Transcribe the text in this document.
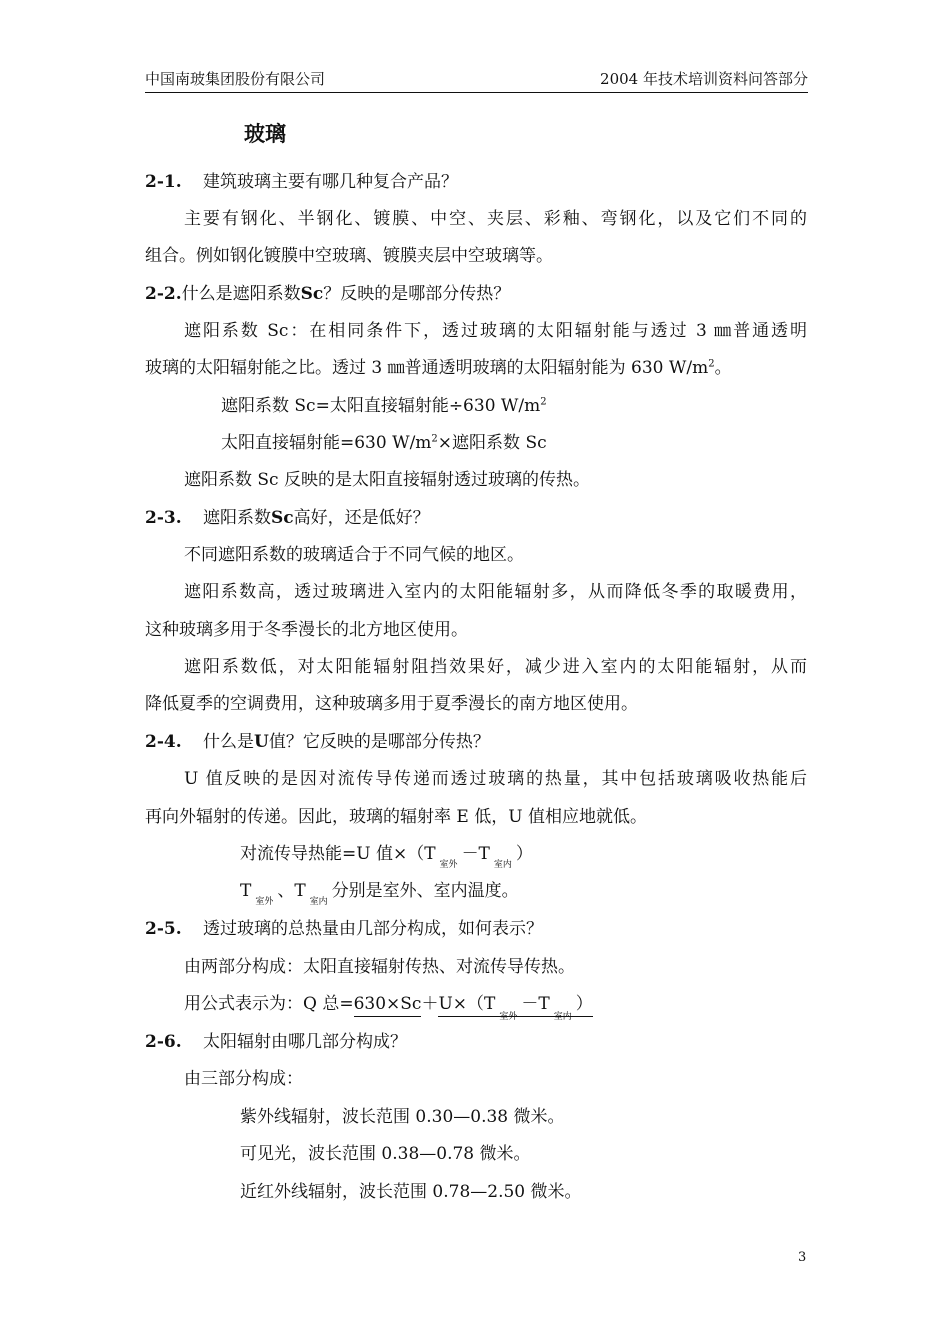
中国南玻集团股份有限公司	2004 年技术培训资料问答部分
玻璃
2-1. 建筑玻璃主要有哪几种复合产品？
主要有钢化、半钢化、镀膜、中空、夹层、彩釉、弯钢化，以及它们不同的
组合。例如钢化镀膜中空玻璃、镀膜夹层中空玻璃等。
2-2.什么是遮阳系数Sc？反映的是哪部分传热？
遮阳系数 Sc：在相同条件下，透过玻璃的太阳辐射能与透过 3 ㎜普通透明
玻璃的太阳辐射能之比。透过 3 ㎜普通透明玻璃的太阳辐射能为 630 $W/m^2$。
遮阳系数 Sc=太阳直接辐射能÷630 $W/m^2$
太阳直接辐射能=630 $W/m^2\times$遮阳系数 Sc
遮阳系数 Sc 反映的是太阳直接辐射透过玻璃的传热。
2-3. 遮阳系数Sc高好，还是低好？
不同遮阳系数的玻璃适合于不同气候的地区。
遮阳系数高，透过玻璃进入室内的太阳能辐射多，从而降低冬季的取暖费用，
这种玻璃多用于冬季漫长的北方地区使用。
遮阳系数低，对太阳能辐射阻挡效果好，减少进入室内的太阳能辐射，从而
降低夏季的空调费用，这种玻璃多用于夏季漫长的南方地区使用。
2-4. 什么是U值？它反映的是哪部分传热？
U 值反映的是因对流传导传递而透过玻璃的热量，其中包括玻璃吸收热能后
再向外辐射的传递。因此，玻璃的辐射率 E 低，U 值相应地就低。
对流传导热能=U 值×（T
室外
－T
室内
）
T
室外
、T
室内
分别是室外、室内温度。
2-5. 透过玻璃的总热量由几部分构成，如何表示？
由两部分构成：太阳直接辐射传热、对流传导传热。
用公式表示为：Q 总=630×Sc＋U×（T
室外
－T
室内
）
2-6. 太阳辐射由哪几部分构成？
由三部分构成：
紫外线辐射，波长范围 0.30—0.38 微米。
可见光，波长范围 0.38—0.78 微米。
近红外线辐射，波长范围 0.78—2.50 微米。
3
